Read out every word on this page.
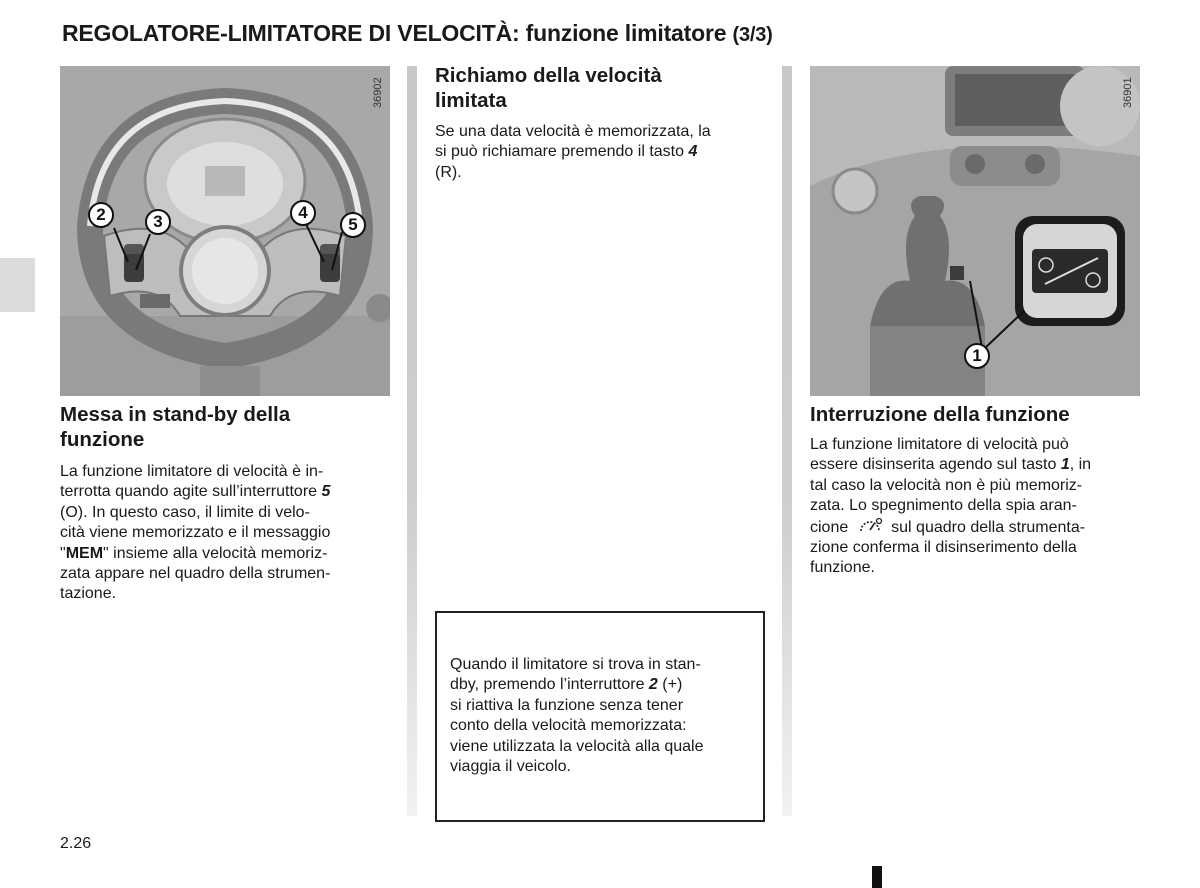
REGOLATORE-LIMITATORE DI VELOCITÀ: funzione limitatore (3/3)
36902
2	3	4
5
36901
1
Messa in stand-by della
funzione
La funzione limitatore di velocità è in-
terrotta quando agite sull’interruttore 5
(O). In questo caso, il limite di velo-
cità viene memorizzato e il messaggio
"MEM" insieme alla velocità memoriz-
zata appare nel quadro della strumen-
tazione.
Richiamo della velocità
limitata
Se una data velocità è memorizzata, la
si può richiamare premendo il tasto 4
(R).
Quando il limitatore si trova in stan-
dby, premendo l’interruttore 2 (+)
si riattiva la funzione senza tener
conto della velocità memorizzata:
viene utilizzata la velocità alla quale
viaggia il veicolo.
Interruzione della funzione
La funzione limitatore di velocità può
essere disinserita agendo sul tasto 1, in
tal caso la velocità non è più memoriz-
zata. Lo spegnimento della spia aran-
cione	sul quadro della strumenta-
zione conferma il disinserimento della
funzione.
2.26
